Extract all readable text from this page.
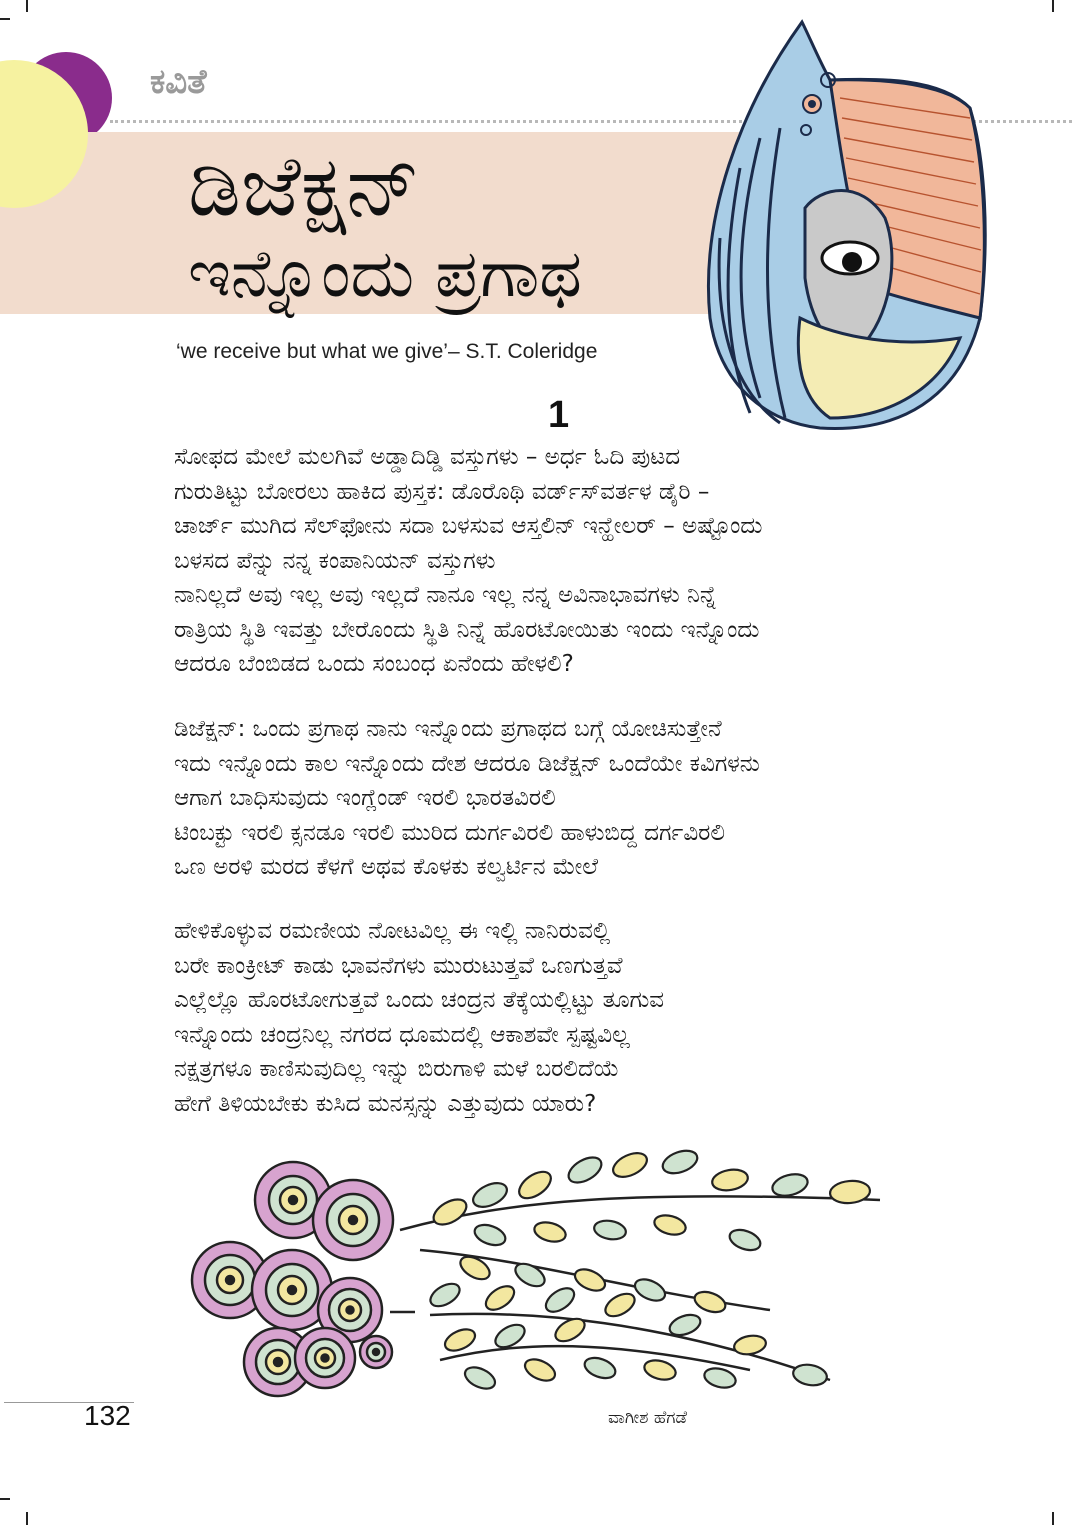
ಕವಿತೆ
ಡಿಜೆಕ್ಷನ್
ಇನ್ನೊಂದು ಪ್ರಗಾಥ
‘we receive but what we give’– S.T. Coleridge
1
ಸೋಫದ ಮೇಲೆ ಮಲಗಿವೆ ಅಡ್ಡಾದಿಡ್ಡಿ ವಸ್ತುಗಳು – ಅರ್ಧ ಓದಿ ಪುಟದ
ಗುರುತಿಟ್ಟು ಬೋರಲು ಹಾಕಿದ ಪುಸ್ತಕ: ಡೊರೊಥಿ ವರ್ಡ್‌ಸ್‌ವರ್ತಳ ಡೈರಿ –
ಚಾರ್ಜ್ ಮುಗಿದ ಸೆಲ್‌ಫೋನು ಸದಾ ಬಳಸುವ ಆಸ್ತಲಿನ್ ಇನ್ಹೇಲರ್ – ಅಷ್ಟೊಂದು
ಬಳಸದ ಪೆನ್ನು ನನ್ನ ಕಂಪಾನಿಯನ್ ವಸ್ತುಗಳು
ನಾನಿಲ್ಲದೆ ಅವು ಇಲ್ಲ ಅವು ಇಲ್ಲದೆ ನಾನೂ ಇಲ್ಲ ನನ್ನ ಅವಿನಾಭಾವಗಳು ನಿನ್ನೆ
ರಾತ್ರಿಯ ಸ್ಥಿತಿ ಇವತ್ತು ಬೇರೊಂದು ಸ್ಥಿತಿ ನಿನ್ನೆ ಹೊರಟೋಯಿತು ಇಂದು ಇನ್ನೊಂದು
ಆದರೂ ಬೆಂಬಿಡದ ಒಂದು ಸಂಬಂಧ ಏನೆಂದು ಹೇಳಲಿ?
ಡಿಜೆಕ್ಷನ್: ಒಂದು ಪ್ರಗಾಥ ನಾನು ಇನ್ನೊಂದು ಪ್ರಗಾಥದ ಬಗ್ಗೆ ಯೋಚಿಸುತ್ತೇನೆ
ಇದು ಇನ್ನೊಂದು ಕಾಲ ಇನ್ನೊಂದು ದೇಶ ಆದರೂ ಡಿಜೆಕ್ಷನ್ ಒಂದೆಯೇ ಕವಿಗಳನು
ಆಗಾಗ ಬಾಧಿಸುವುದು ಇಂಗ್ಲೆಂಡ್ ಇರಲಿ ಭಾರತವಿರಲಿ
ಟಿಂಬಕ್ಟು ಇರಲಿ ಕ್ಸನಡೂ ಇರಲಿ ಮುರಿದ ದುರ್ಗವಿರಲಿ ಹಾಳುಬಿದ್ದ ದರ್ಗವಿರಲಿ
ಒಣ ಅರಳಿ ಮರದ ಕೆಳಗೆ ಅಥವ ಕೊಳಕು ಕಲ್ವರ್ಟಿನ ಮೇಲೆ
ಹೇಳಿಕೊಳ್ಳುವ ರಮಣೀಯ ನೋಟವಿಲ್ಲ ಈ ಇಲ್ಲಿ ನಾನಿರುವಲ್ಲಿ
ಬರೇ ಕಾಂಕ್ರೀಟ್ ಕಾಡು ಭಾವನೆಗಳು ಮುರುಟುತ್ತವೆ ಒಣಗುತ್ತವೆ
ಎಲ್ಲೆಲ್ಲೊ ಹೊರಟೋಗುತ್ತವೆ ಒಂದು ಚಂದ್ರನ ತೆಕ್ಕೆಯಲ್ಲಿಟ್ಟು ತೂಗುವ
ಇನ್ನೊಂದು ಚಂದ್ರನಿಲ್ಲ ನಗರದ ಧೂಮದಲ್ಲಿ ಆಕಾಶವೇ ಸ್ಪಷ್ಟವಿಲ್ಲ
ನಕ್ಷತ್ರಗಳೂ ಕಾಣಿಸುವುದಿಲ್ಲ ಇನ್ನು ಬಿರುಗಾಳಿ ಮಳೆ ಬರಲಿದೆಯೆ
ಹೇಗೆ ತಿಳಿಯಬೇಕು ಕುಸಿದ ಮನಸ್ಸನ್ನು ಎತ್ತುವುದು ಯಾರು?
132	ವಾಗೀಶ ಹೆಗಡೆ
